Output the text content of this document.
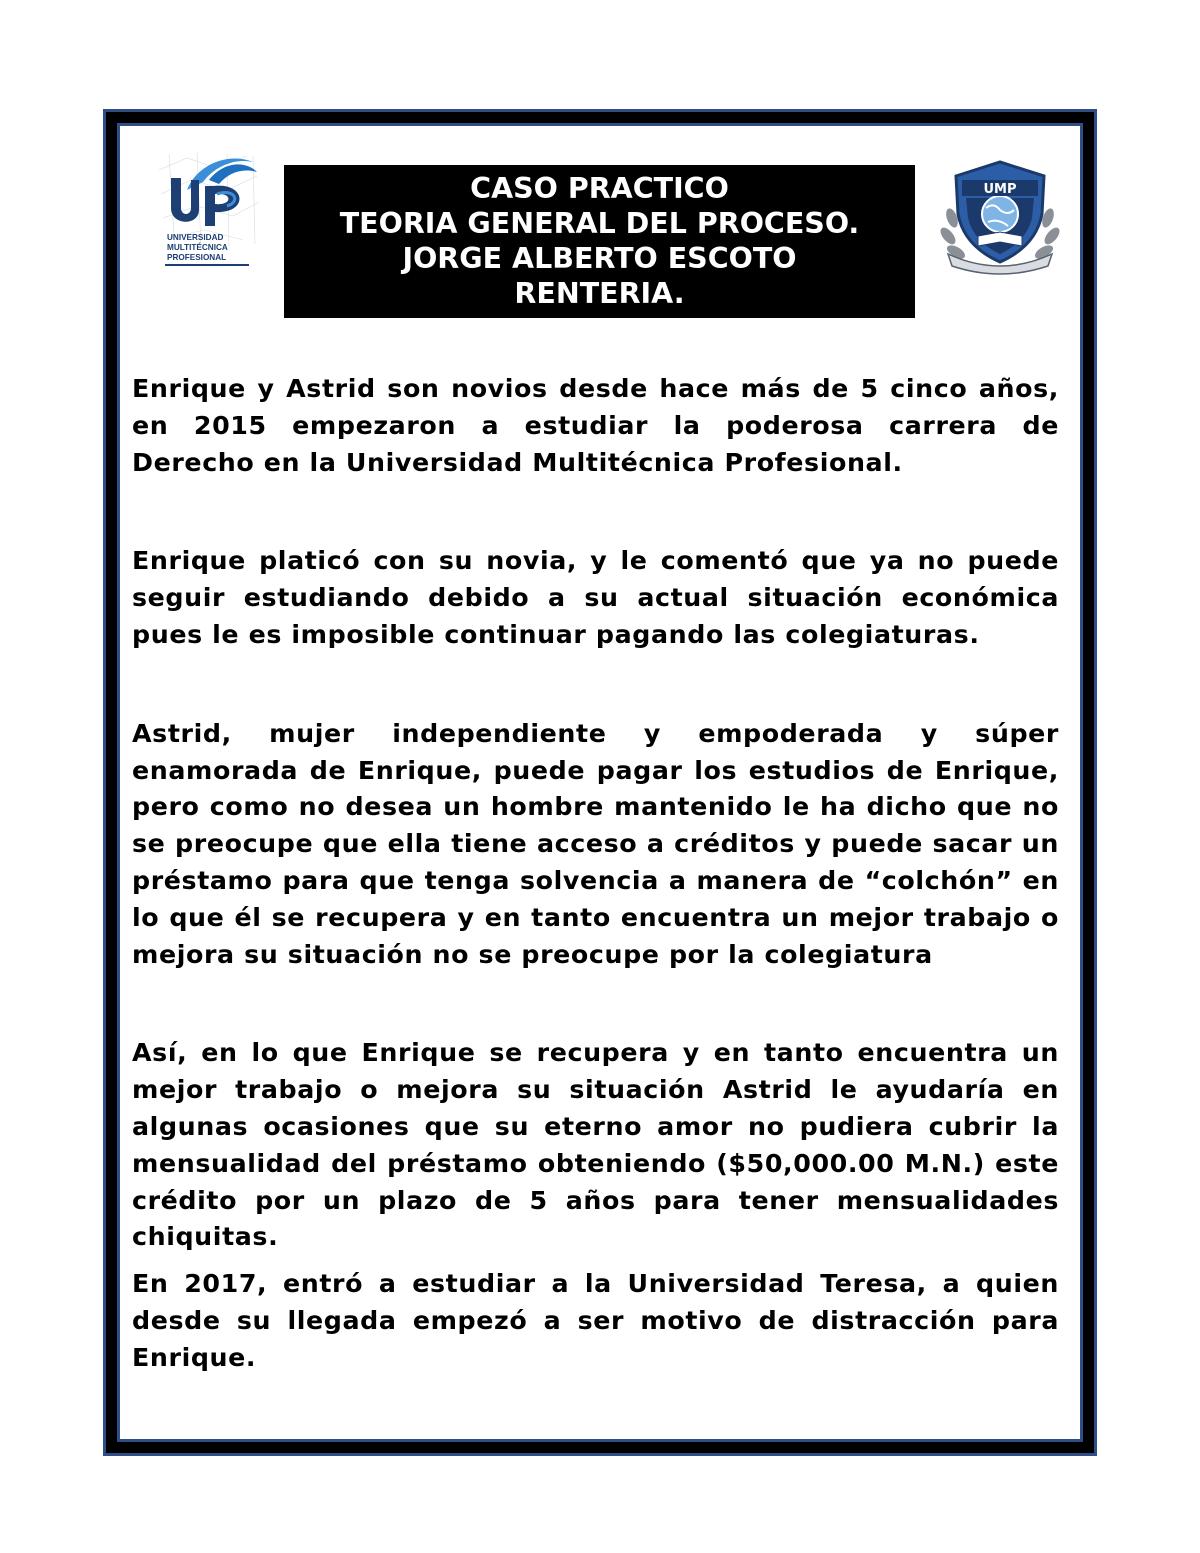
UNIVERSIDAD
MULTITÉCNICA
PROFESIONAL
CASO PRACTICO
TEORIA GENERAL DEL PROCESO.
JORGE ALBERTO ESCOTO
RENTERIA.
UMP

Enrique y Astrid son novios desde hace más de 5 cinco años, en 2015 empezaron a estudiar la poderosa carrera de Derecho en la Universidad Multitécnica Profesional.

Enrique platicó con su novia, y le comentó que ya no puede seguir estudiando debido a su actual situación económica pues le es imposible continuar pagando las colegiaturas.

Astrid, mujer independiente y empoderada y súper enamorada de Enrique, puede pagar los estudios de Enrique, pero como no desea un hombre mantenido le ha dicho que no se preocupe que ella tiene acceso a créditos y puede sacar un préstamo para que tenga solvencia a manera de “colchón” en lo que él se recupera y en tanto encuentra un mejor trabajo o mejora su situación no se preocupe por la colegiatura

Así, en lo que Enrique se recupera y en tanto encuentra un mejor trabajo o mejora su situación Astrid le ayudaría en algunas ocasiones que su eterno amor no pudiera cubrir la mensualidad del préstamo obteniendo ($50,000.00 M.N.) este crédito por un plazo de 5 años para tener mensualidades chiquitas.

En 2017, entró a estudiar a la Universidad Teresa, a quien desde su llegada empezó a ser motivo de distracción para Enrique.
